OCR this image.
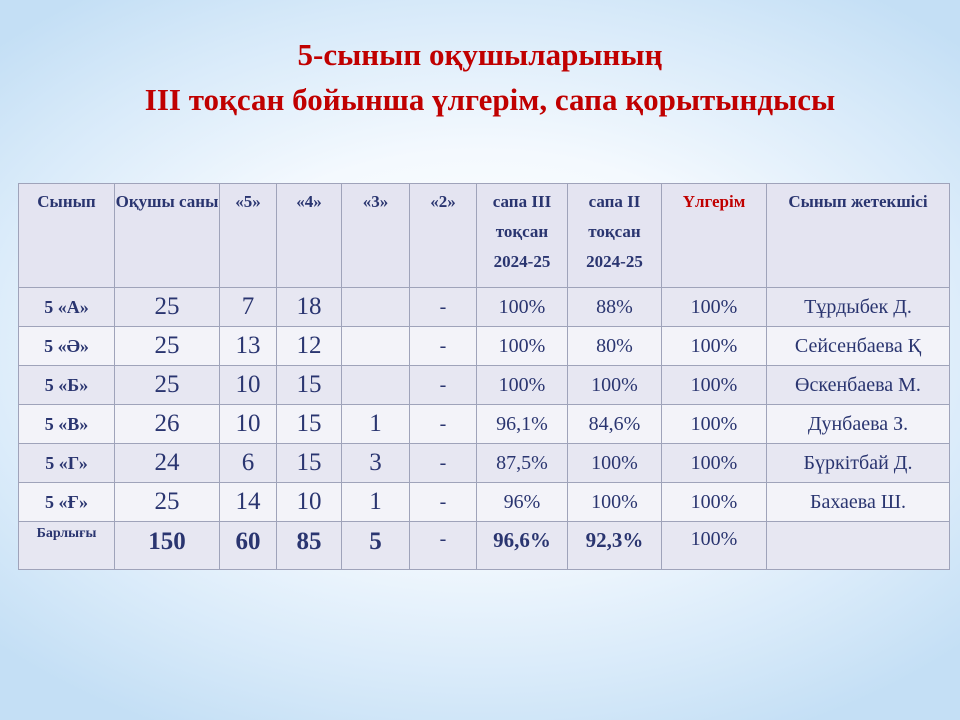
5-сынып оқушыларының
ІІІ тоқсан бойынша үлгерім, сапа қорытындысы
Сынып	Оқушы саны	«5»	«4»	«3»	«2»	сапа ІІІ тоқсан 2024-25	сапа ІІ тоқсан 2024-25	Үлгерім	Сынып жетекшісі
5 «А»	25	7	18		-	100%	88%	100%	Тұрдыбек Д.
5 «Ә»	25	13	12		-	100%	80%	100%	Сейсенбаева Қ
5 «Б»	25	10	15		-	100%	100%	100%	Өскенбаева М.
5 «В»	26	10	15	1	-	96,1%	84,6%	100%	Дунбаева З.
5 «Г»	24	6	15	3	-	87,5%	100%	100%	Бүркітбай Д.
5 «Ғ»	25	14	10	1	-	96%	100%	100%	Бахаева Ш.
Барлығы	150	60	85	5	-	96,6%	92,3%	100%	
